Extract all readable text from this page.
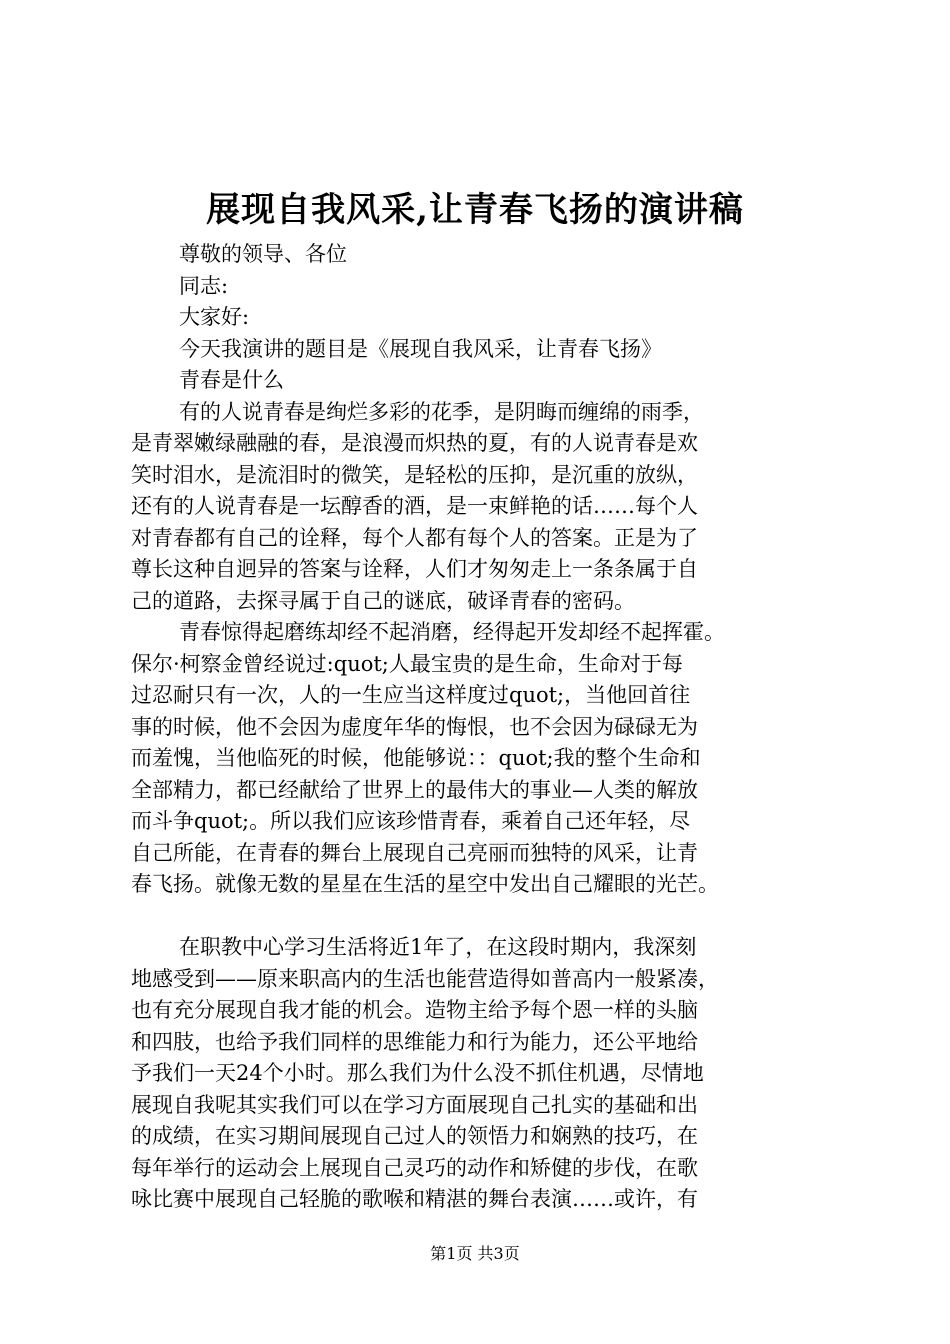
展现自我风采,让青春飞扬的演讲稿
尊敬的领导、各位
同志:
大家好:
今天我演讲的题目是《展现自我风采，让青春飞扬》
青春是什么
有的人说青春是绚烂多彩的花季，是阴晦而缠绵的雨季，
是青翠嫩绿融融的春，是浪漫而炽热的夏，有的人说青春是欢
笑时泪水，是流泪时的微笑，是轻松的压抑，是沉重的放纵，
还有的人说青春是一坛醇香的酒，是一束鲜艳的话……每个人
对青春都有自己的诠释，每个人都有每个人的答案。正是为了
尊长这种自迥异的答案与诠释，人们才匆匆走上一条条属于自
己的道路，去探寻属于自己的谜底，破译青春的密码。
青春惊得起磨练却经不起消磨，经得起开发却经不起挥霍。
保尔·柯察金曾经说过:quot;人最宝贵的是生命，生命对于每
过忍耐只有一次，人的一生应当这样度过quot;，当他回首往
事的时候，他不会因为虚度年华的悔恨，也不会因为碌碌无为
而羞愧，当他临死的时候，他能够说：：quot;我的整个生命和
全部精力，都已经献给了世界上的最伟大的事业—人类的解放
而斗争quot;。所以我们应该珍惜青春，乘着自己还年轻，尽
自己所能，在青春的舞台上展现自己亮丽而独特的风采，让青
春飞扬。就像无数的星星在生活的星空中发出自己耀眼的光芒。
在职教中心学习生活将近1年了，在这段时期内，我深刻
地感受到——原来职高内的生活也能营造得如普高内一般紧凑，
也有充分展现自我才能的机会。造物主给予每个恩一样的头脑
和四肢，也给予我们同样的思维能力和行为能力，还公平地给
予我们一天24个小时。那么我们为什么没不抓住机遇，尽情地
展现自我呢其实我们可以在学习方面展现自己扎实的基础和出
的成绩，在实习期间展现自己过人的领悟力和娴熟的技巧，在
每年举行的运动会上展现自己灵巧的动作和矫健的步伐，在歌
咏比赛中展现自己轻脆的歌喉和精湛的舞台表演……或许，有
第1页 共3页
